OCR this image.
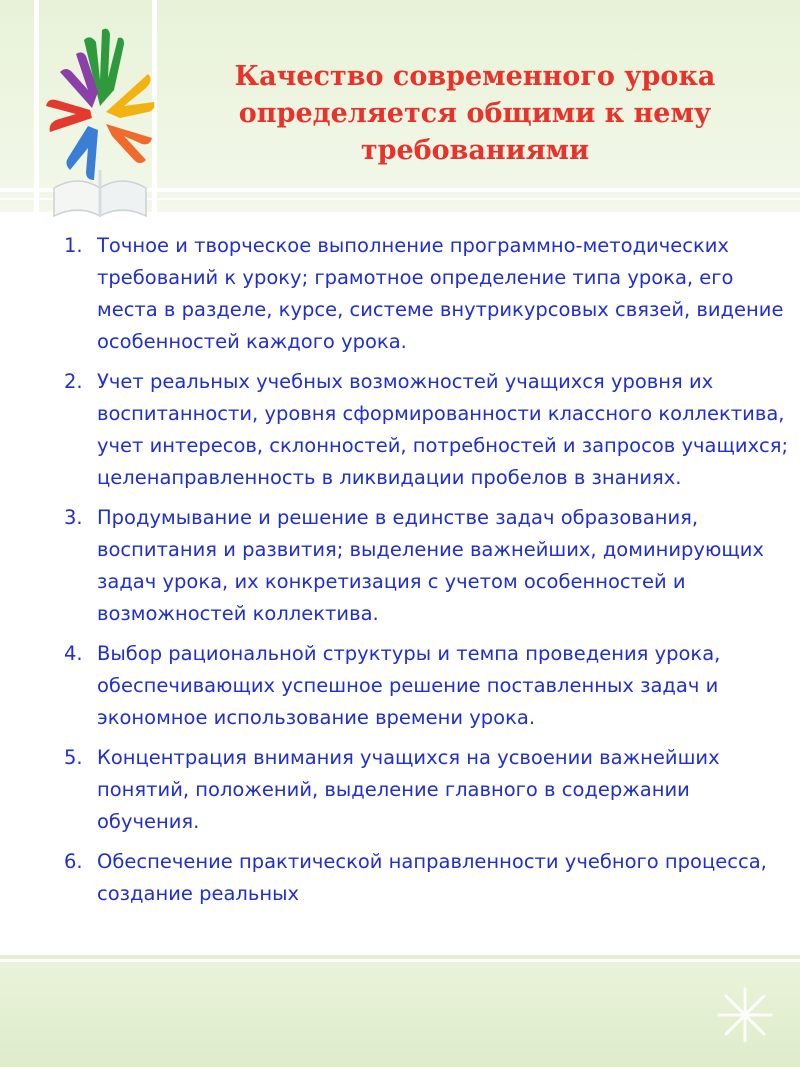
Качество современного урока
определяется общими к нему
требованиями
1. Точное и творческое выполнение программно-методических требований к уроку; грамотное определение типа урока, его места в разделе, курсе, системе внутрикурсовых связей, видение особенностей каждого урока.
2. Учет реальных учебных возможностей учащихся уровня их воспитанности, уровня сформированности классного коллектива, учет интересов, склонностей, потребностей и запросов учащихся; целенаправленность в ликвидации пробелов в знаниях.
3. Продумывание и решение в единстве задач образования, воспитания и развития; выделение важнейших, доминирующих задач урока, их конкретизация с учетом особенностей и возможностей коллектива.
4. Выбор рациональной структуры и темпа проведения урока, обеспечивающих успешное решение поставленных задач и экономное использование времени урока.
5. Концентрация внимания учащихся на усвоении важнейших понятий, положений, выделение главного в содержании обучения.
6. Обеспечение практической направленности учебного процесса, создание реальных
